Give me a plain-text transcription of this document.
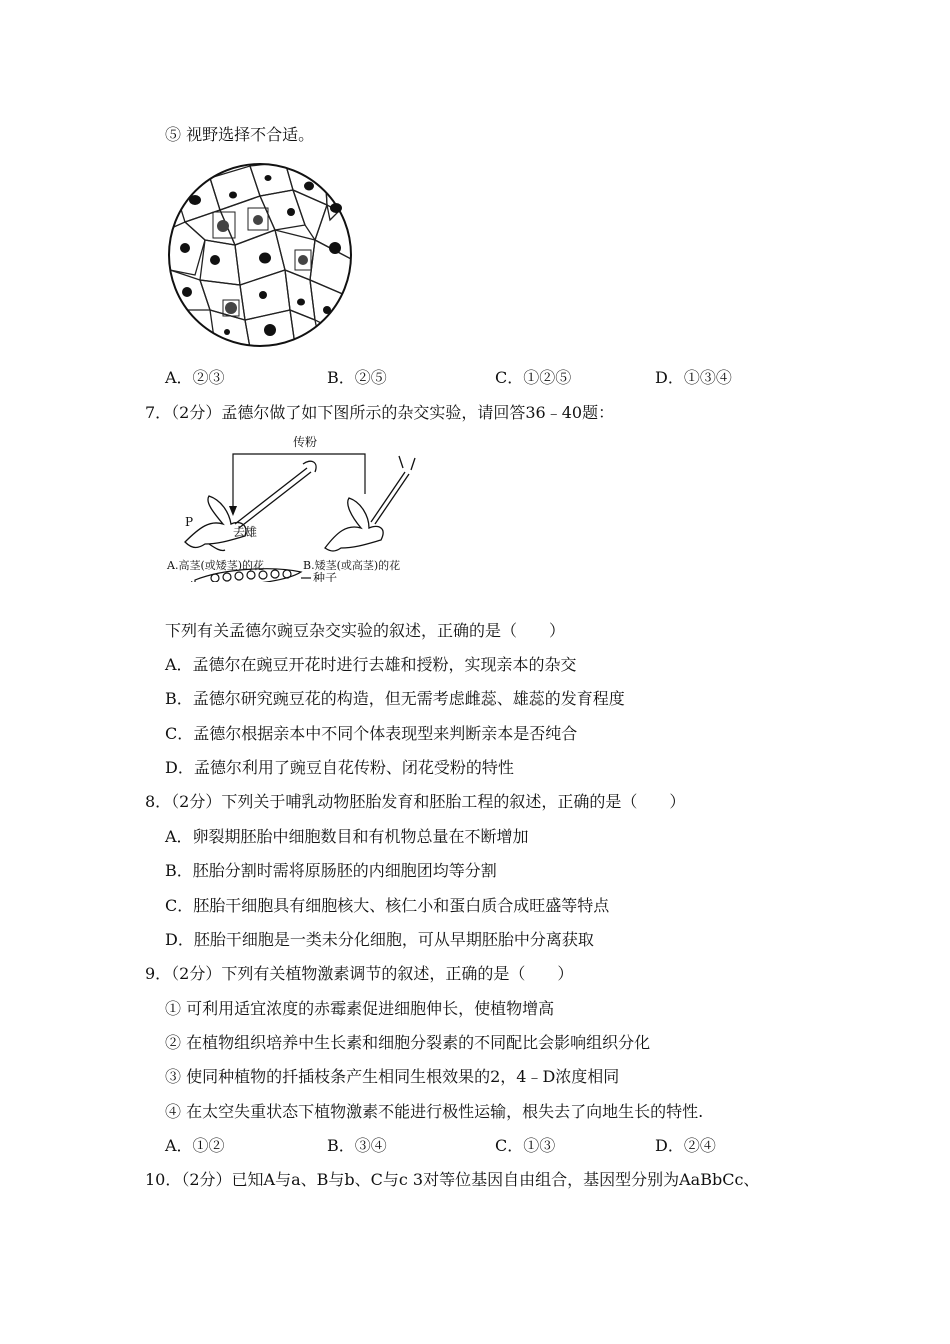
⑤ 视野选择不合适。
A．②③	B．②⑤	C．①②⑤	D．①③④
7．（2分）孟德尔做了如下图所示的杂交实验，请回答36﹣40题：
传粉
P
去雄
A.高茎(或矮茎)的花	B.矮茎(或高茎)的花
种子
下列有关孟德尔豌豆杂交实验的叙述，正确的是（　　）
A．孟德尔在豌豆开花时进行去雄和授粉，实现亲本的杂交
B．孟德尔研究豌豆花的构造，但无需考虑雌蕊、雄蕊的发育程度
C．孟德尔根据亲本中不同个体表现型来判断亲本是否纯合
D．孟德尔利用了豌豆自花传粉、闭花受粉的特性
8．（2分）下列关于哺乳动物胚胎发育和胚胎工程的叙述，正确的是（　　）
A．卵裂期胚胎中细胞数目和有机物总量在不断增加
B．胚胎分割时需将原肠胚的内细胞团均等分割
C．胚胎干细胞具有细胞核大、核仁小和蛋白质合成旺盛等特点
D．胚胎干细胞是一类未分化细胞，可从早期胚胎中分离获取
9．（2分）下列有关植物激素调节的叙述，正确的是（　　）
① 可利用适宜浓度的赤霉素促进细胞伸长，使植物增高
② 在植物组织培养中生长素和细胞分裂素的不同配比会影响组织分化
③ 使同种植物的扦插枝条产生相同生根效果的2，4﹣D浓度相同
④ 在太空失重状态下植物激素不能进行极性运输，根失去了向地生长的特性.
A．①②	B．③④	C．①③	D．②④
10．（2分）已知A与a、B与b、C与c 3对等位基因自由组合，基因型分别为AaBbCc、
